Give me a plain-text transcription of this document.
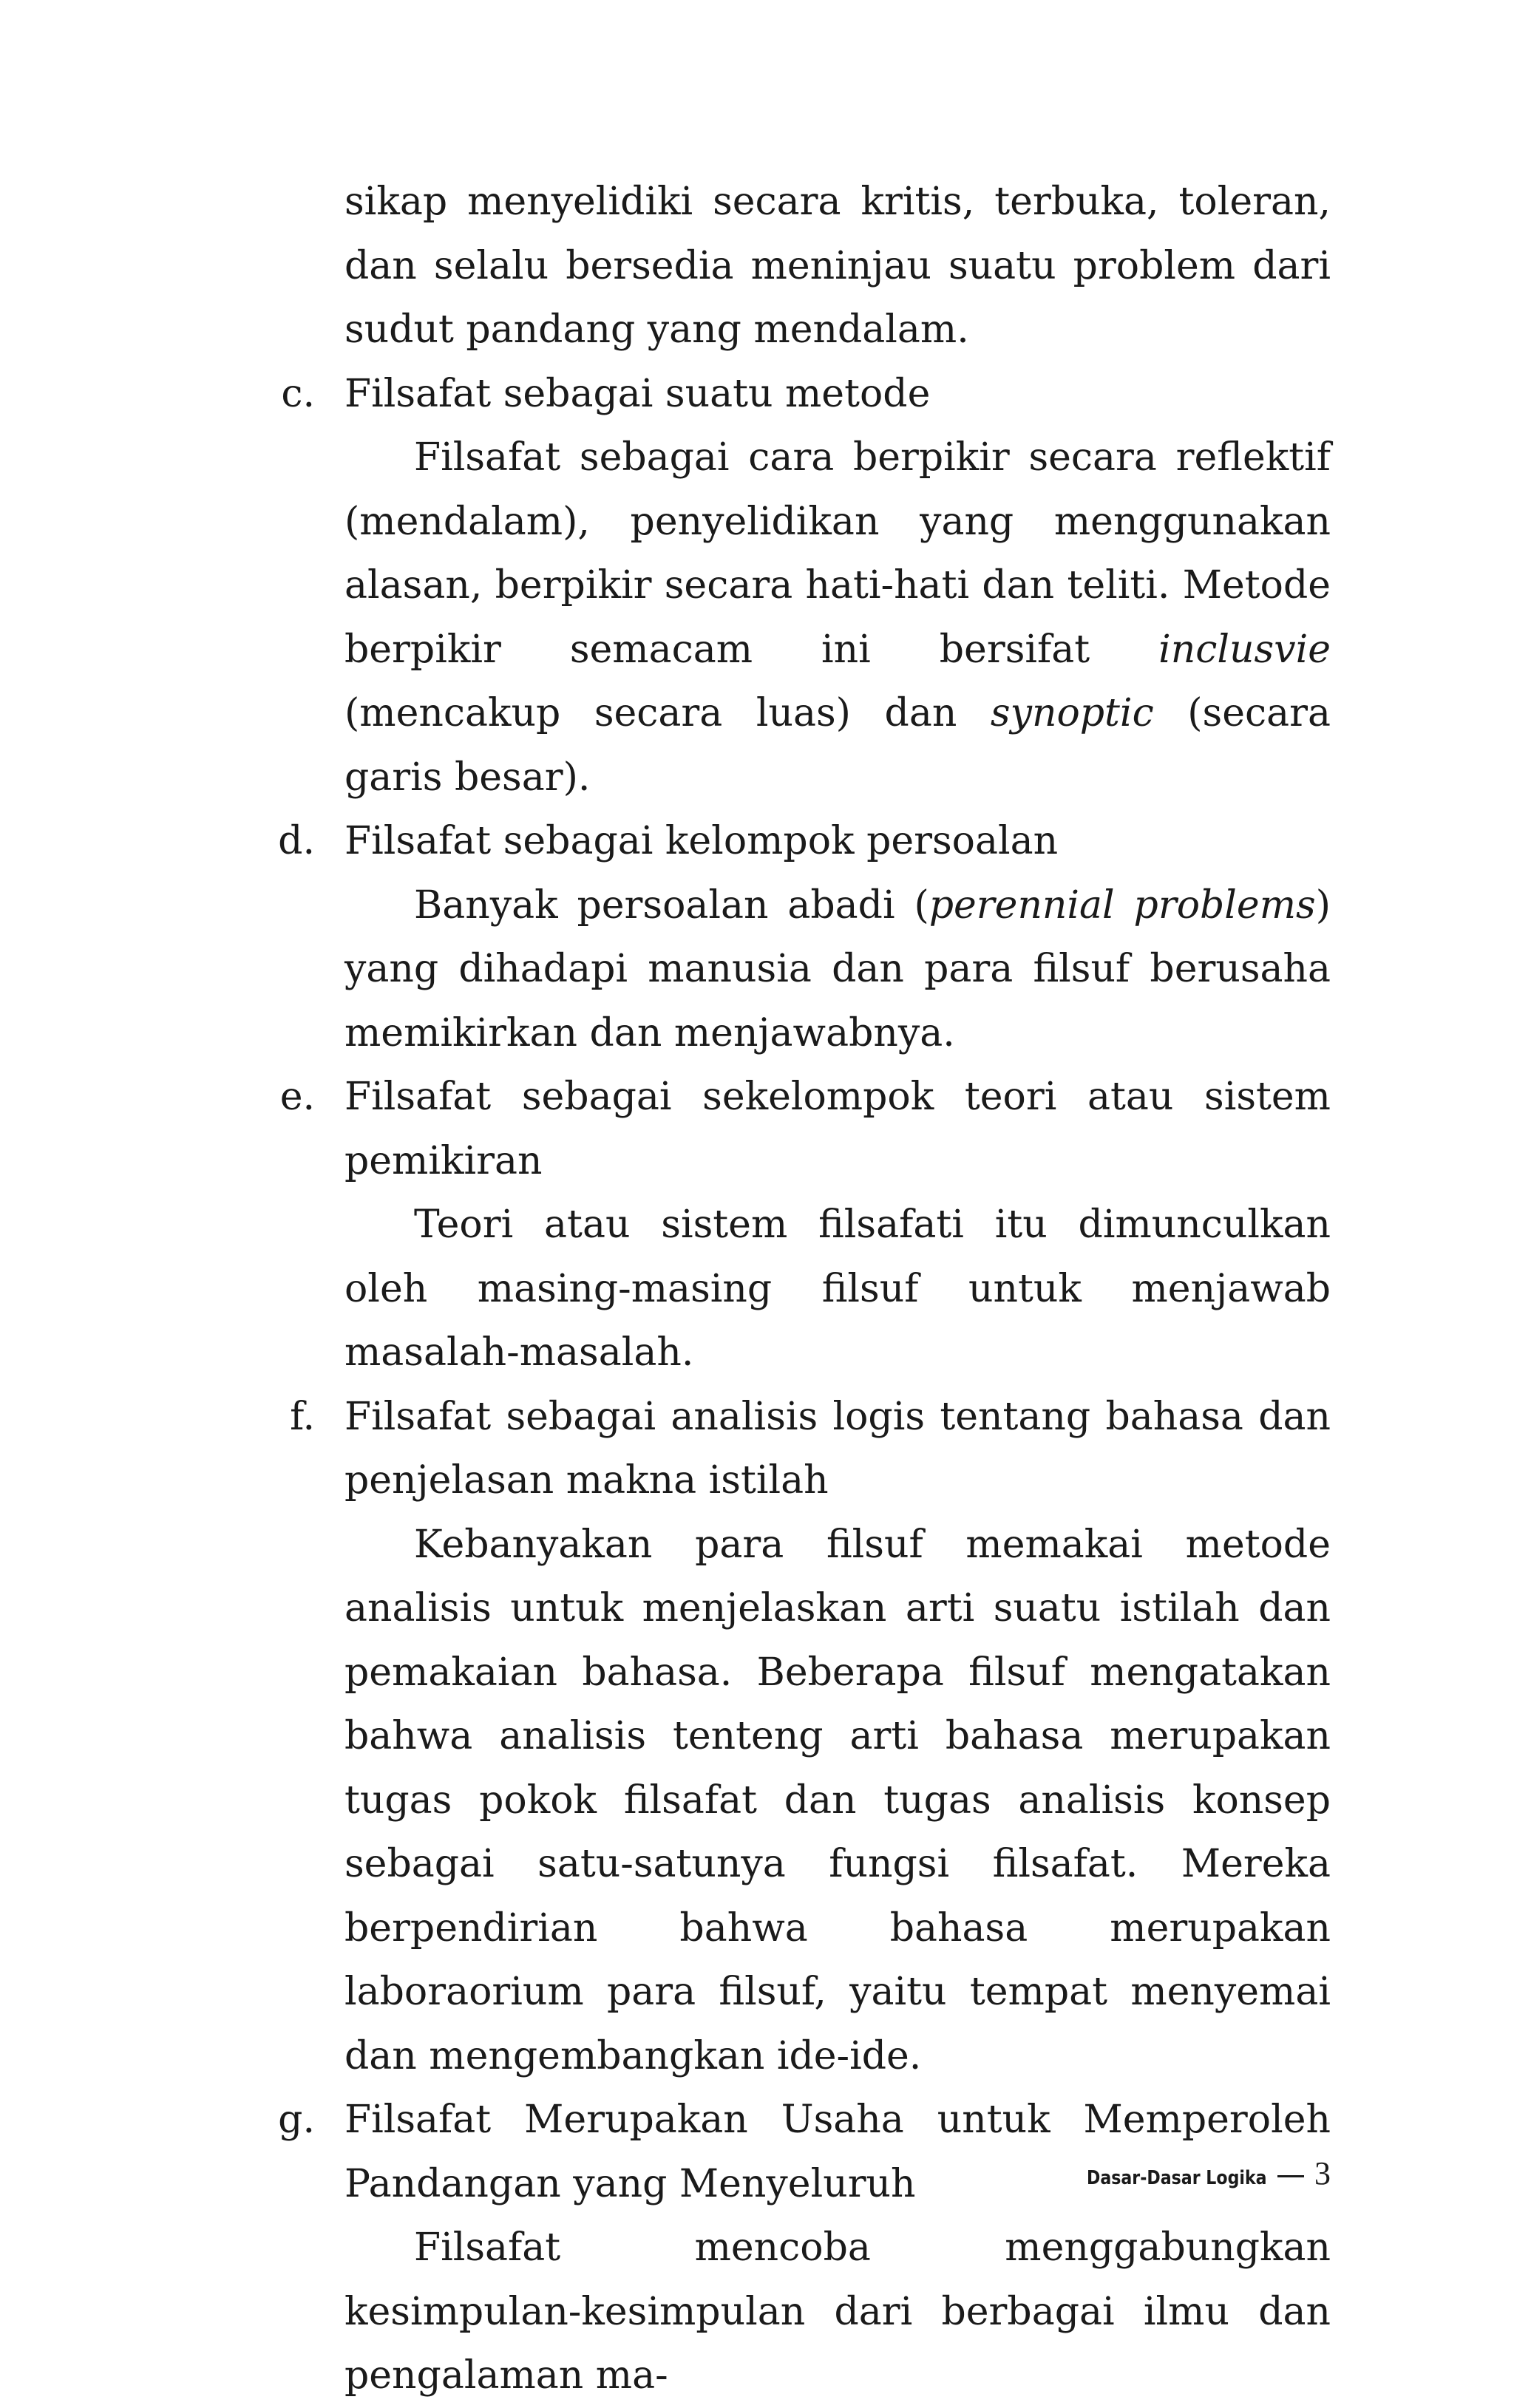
sikap menyelidiki secara kritis, terbuka, toleran, dan selalu bersedia meninjau suatu problem dari sudut pandang yang mendalam.

c. Filsafat sebagai suatu metode

Filsafat sebagai cara berpikir secara reflektif (mendalam), penyelidikan yang menggunakan alasan, berpikir secara hati-hati dan teliti. Metode berpikir semacam ini bersifat inclusvie (mencakup secara luas) dan synoptic (secara garis besar).

d. Filsafat sebagai kelompok persoalan

Banyak persoalan abadi (perennial problems) yang dihadapi manusia dan para filsuf berusaha memikirkan dan menjawabnya.

e. Filsafat sebagai sekelompok teori atau sistem pemikiran

Teori atau sistem filsafati itu dimunculkan oleh masing-masing filsuf untuk menjawab masalah-masalah.

f. Filsafat sebagai analisis logis tentang bahasa dan penjelasan makna istilah

Kebanyakan para filsuf memakai metode analisis untuk menjelaskan arti suatu istilah dan pemakaian bahasa. Beberapa filsuf mengatakan bahwa analisis tenteng arti bahasa merupakan tugas pokok filsafat dan tugas analisis konsep sebagai satu-satunya fungsi filsafat. Mereka berpendirian bahwa bahasa merupakan laboraorium para filsuf, yaitu tempat menyemai dan mengembangkan ide-ide.

g. Filsafat Merupakan Usaha untuk Memperoleh Pandangan yang Menyeluruh

Filsafat mencoba menggabungkan kesimpulan-kesimpulan dari berbagai ilmu dan pengalaman ma-

Dasar-Dasar Logika 3
